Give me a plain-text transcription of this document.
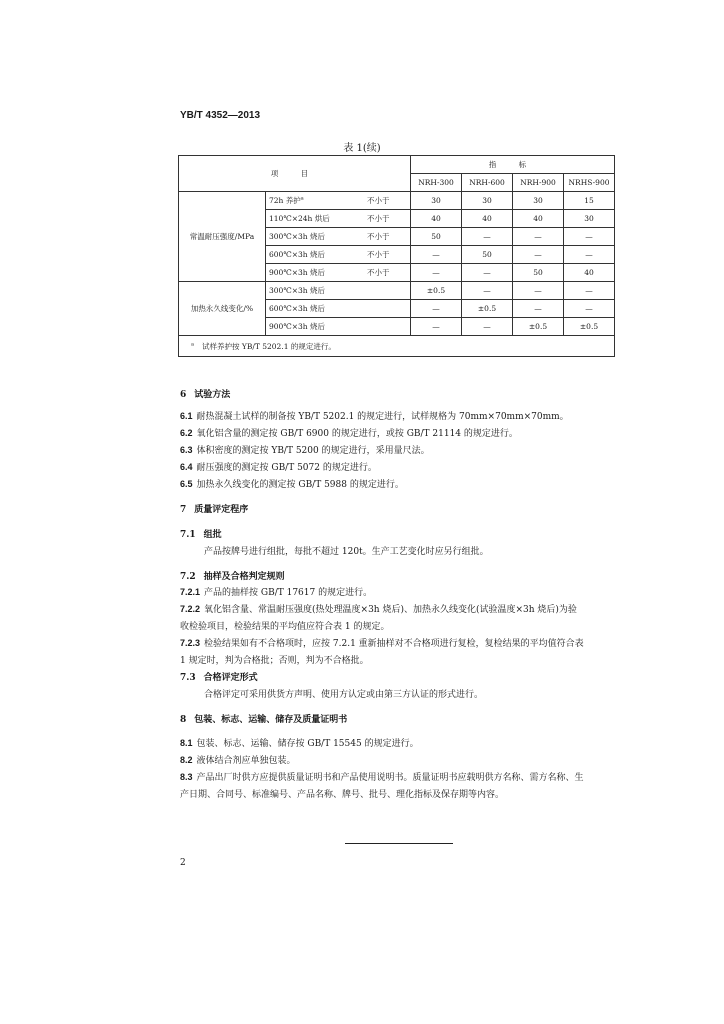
YB/T 4352—2013
表 1(续)
项 目			指 标			
			NRH-300	NRH-600	NRH-900	NRHS-900
常温耐压强度/MPa	72h 养护$^a$	不小于	30	30	30	15
	110℃×24h 烘后	不小于	40	40	40	30
	300℃×3h 烧后	不小于	50	—	—	—
	600℃×3h 烧后	不小于	—	50	—	—
	900℃×3h 烧后	不小于	—	—	50	40
加热永久线变化/%	300℃×3h 烧后		±0.5	—	—	—
	600℃×3h 烧后		—	±0.5	—	—
	900℃×3h 烧后		—	—	±0.5	±0.5
$^a$ 试样养护按 YB/T 5202.1 的规定进行。						
6 试验方法
6.1 耐热混凝土试样的制备按 YB/T 5202.1 的规定进行，试样规格为 70mm×70mm×70mm。
6.2 氧化铝含量的测定按 GB/T 6900 的规定进行，或按 GB/T 21114 的规定进行。
6.3 体积密度的测定按 YB/T 5200 的规定进行，采用量尺法。
6.4 耐压强度的测定按 GB/T 5072 的规定进行。
6.5 加热永久线变化的测定按 GB/T 5988 的规定进行。
7 质量评定程序
7.1 组批
产品按牌号进行组批，每批不超过 120t。生产工艺变化时应另行组批。
7.2 抽样及合格判定规则
7.2.1 产品的抽样按 GB/T 17617 的规定进行。
7.2.2 氧化铝含量、常温耐压强度(热处理温度×3h 烧后)、加热永久线变化(试验温度×3h 烧后)为验
收检验项目，检验结果的平均值应符合表 1 的规定。
7.2.3 检验结果如有不合格项时，应按 7.2.1 重新抽样对不合格项进行复检，复检结果的平均值符合表
1 规定时，判为合格批；否则，判为不合格批。
7.3 合格评定形式
合格评定可采用供货方声明、使用方认定或由第三方认证的形式进行。
8 包装、标志、运输、储存及质量证明书
8.1 包装、标志、运输、储存按 GB/T 15545 的规定进行。
8.2 液体结合剂应单独包装。
8.3 产品出厂时供方应提供质量证明书和产品使用说明书。质量证明书应载明供方名称、需方名称、生
产日期、合同号、标准编号、产品名称、牌号、批号、理化指标及保存期等内容。
2
